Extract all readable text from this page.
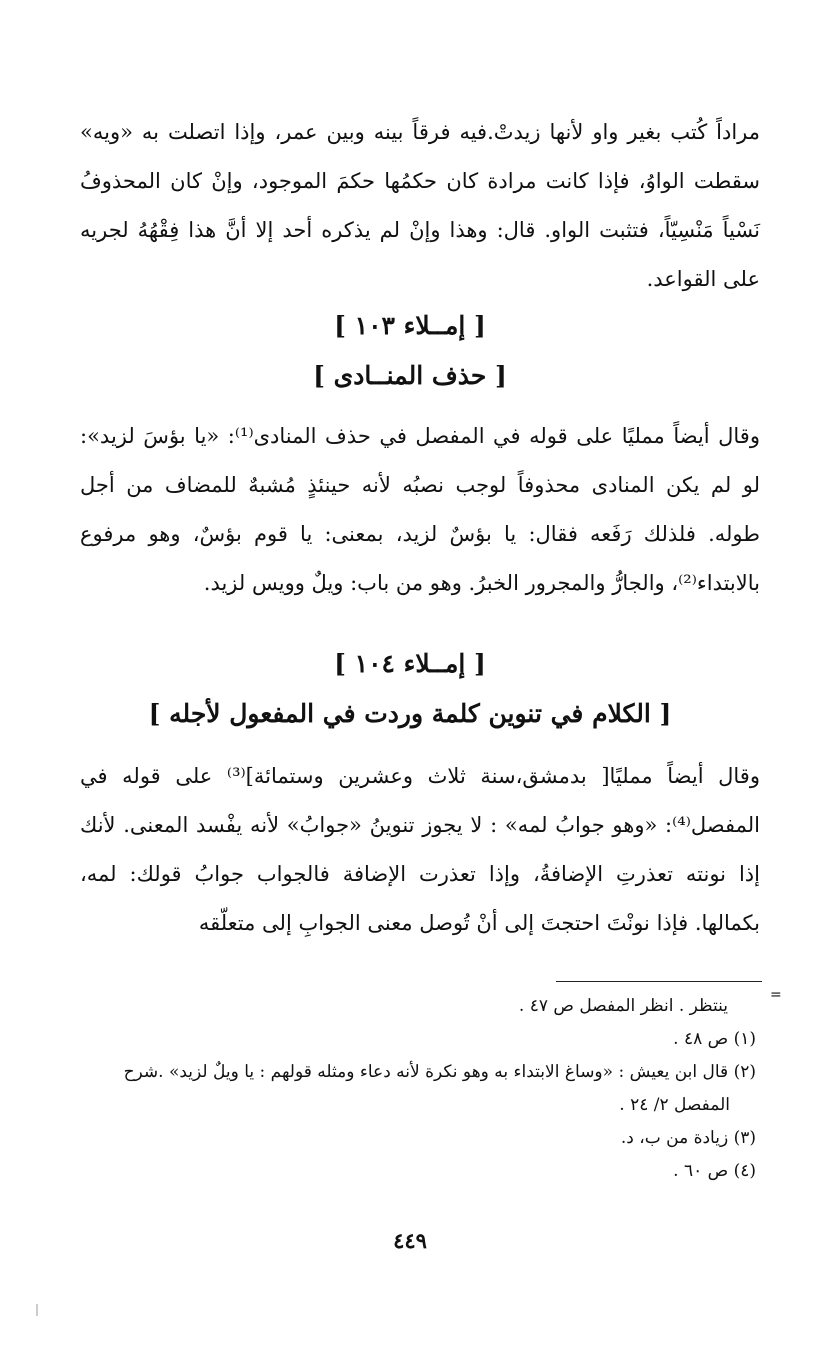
مراداً كُتب بغير واو لأنها زيدتْ.فيه فرقاً بينه وبين عمر، وإذا اتصلت به «ويه» سقطت الواوُ، فإذا كانت مرادة كان حكمُها حكمَ الموجود، وإنْ كان المحذوفُ نَسْياً مَنْسِيّاً، فتثبت الواو. قال: وهذا وإنْ لم يذكره أحد إلا أنَّ هذا فِقْهُهُ لجريه على القواعد.

[ إمــلاء ١٠٣ ]
[ حذف المنــادى ]

وقال أيضاً ممليًا على قوله في المفصل في حذف المنادى⁽¹⁾: «يا بؤسَ لزيد»: لو لم يكن المنادى محذوفاً لوجب نصبُه لأنه حينئذٍ مُشبهٌ للمضاف من أجل طوله. فلذلك رَفَعه فقال: يا بؤسٌ لزيد، بمعنى: يا قوم بؤسٌ، وهو مرفوع بالابتداء⁽²⁾، والجارُّ والمجرور الخبرُ. وهو من باب: ويلٌ وويس لزيد.

[ إمــلاء ١٠٤ ]
[ الكلام في تنوين كلمة وردت في المفعول لأجله ]

وقال أيضاً ممليًا[ بدمشق،سنة ثلاث وعشرين وستمائة]⁽³⁾ على قوله في المفصل⁽⁴⁾: «وهو جوابُ لمه» : لا يجوز تنوينُ «جوابُ» لأنه يفْسد المعنى. لأنك إذا نونته تعذرتِ الإضافةُ، وإذا تعذرت الإضافة فالجواب جوابُ قولك: لمه، بكمالها. فإذا نونْتَ احتجتَ إلى أنْ تُوصل معنى الجوابِ إلى متعلّقه

=

ينتظر . انظر المفصل ص ٤٧ .

(١) ص ٤٨ .

(٢) قال ابن يعيش : «وساغ الابتداء به وهو نكرة لأنه دعاء ومثله قولهم : يا ويلٌ لزيد» .شرح

المفصل ٢/ ٢٤ .

(٣) زيادة من ب، د.

(٤) ص ٦٠ .

٤٤٩
